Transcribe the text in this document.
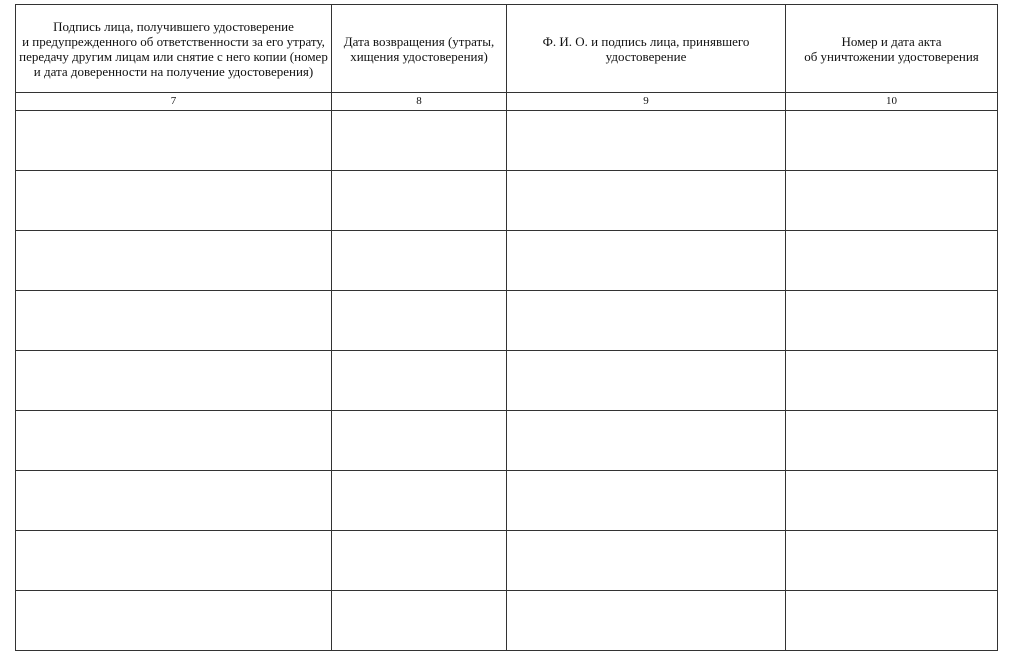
Подпись лица, получившего удостоверение
и предупрежденного об ответственности за его утрату, передачу другим лицам или снятие с него копии (номер и дата доверенности на получение удостоверения)	Дата возвращения (утраты, хищения удостоверения)	Ф. И. О. и подпись лица, принявшего удостоверение	Номер и дата акта
об уничтожении удостоверения
7	8	9	10
